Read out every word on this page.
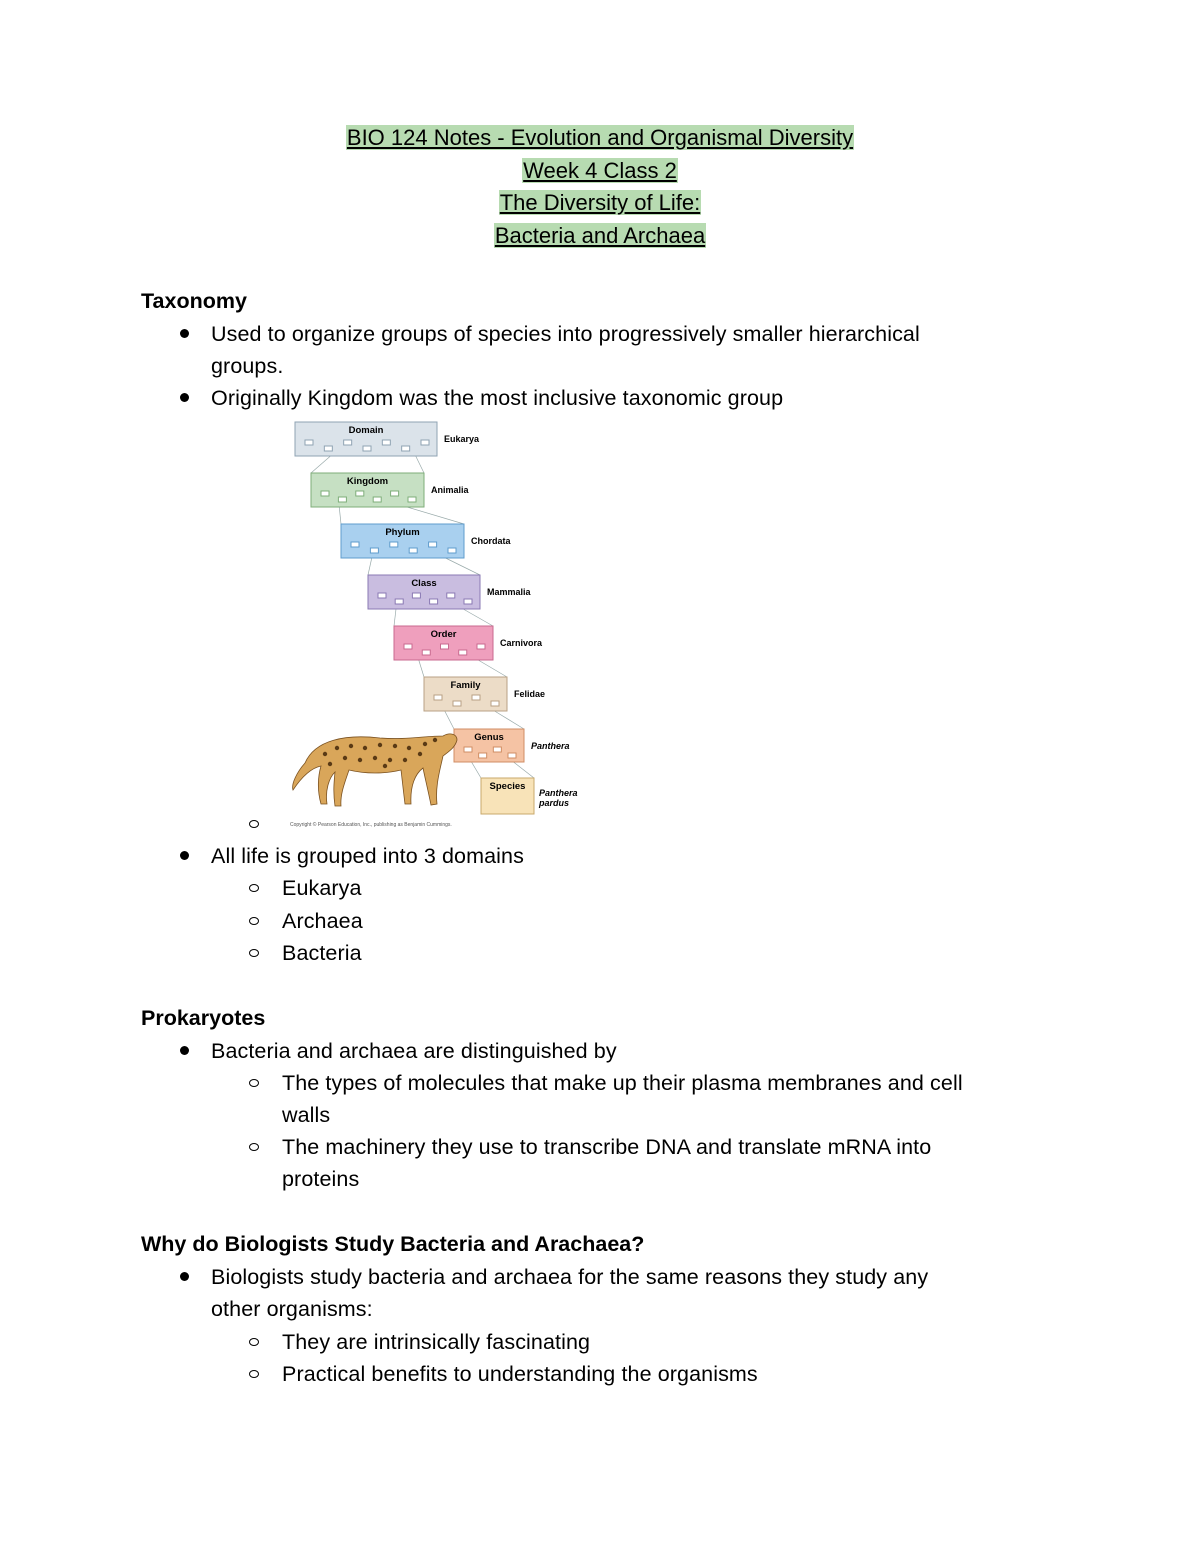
BIO 124 Notes - Evolution and Organismal Diversity
Week 4 Class 2
The Diversity of Life:
Bacteria and Archaea
Taxonomy
Used to organize groups of species into progressively smaller hierarchical
groups.
Originally Kingdom was the most inclusive taxonomic group
Domain
Eukarya
Kingdom
Animalia
Phylum
Chordata
Class
Mammalia
Order
Carnivora
Family
Felidae
Genus
Panthera
Species
Panthera
pardus
Copyright © Pearson Education, Inc., publishing as Benjamin Cummings.
All life is grouped into 3 domains
Eukarya
Archaea
Bacteria
Prokaryotes
Bacteria and archaea are distinguished by
The types of molecules that make up their plasma membranes and cell
walls
The machinery they use to transcribe DNA and translate mRNA into
proteins
Why do Biologists Study Bacteria and Arachaea?
Biologists study bacteria and archaea for the same reasons they study any
other organisms:
They are intrinsically fascinating
Practical benefits to understanding the organisms
